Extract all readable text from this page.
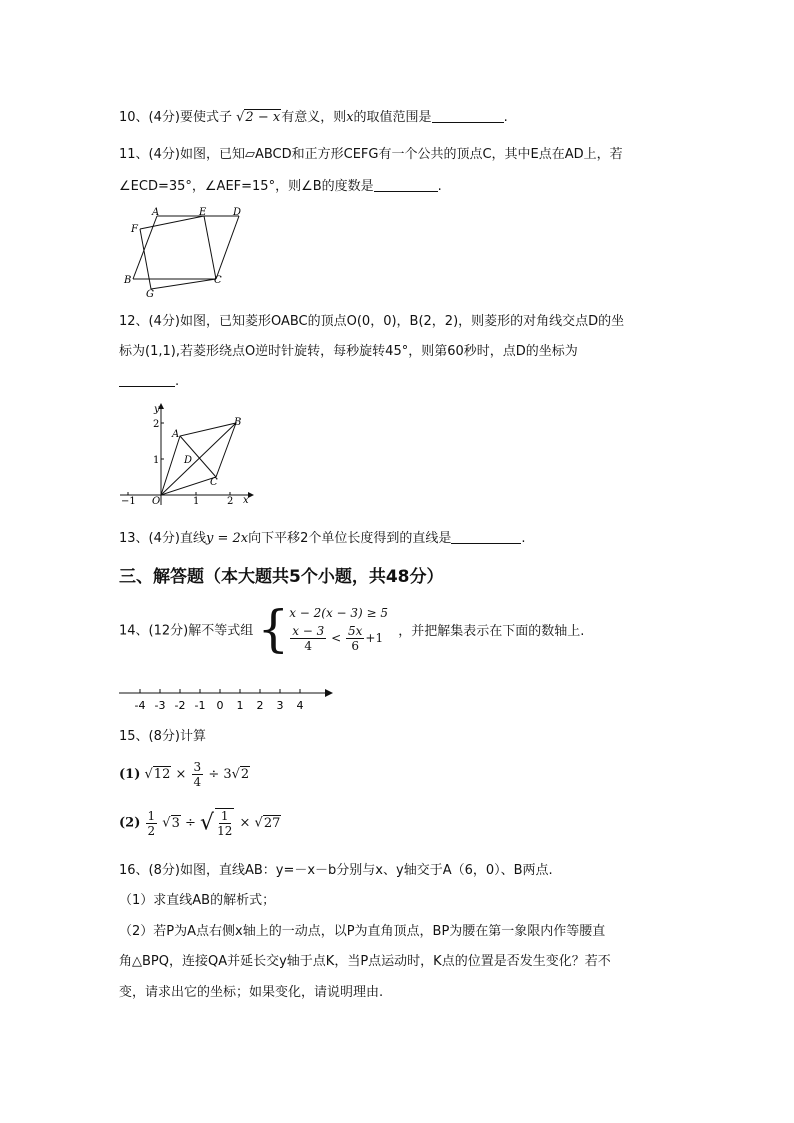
10、(4分)要使式子 √2 − x有意义，则x的取值范围是	.
11、(4分)如图，已知▱ABCD和正方形CEFG有一个公共的顶点C，其中E点在AD上，若
∠ECD=35°，∠AEF=15°，则∠B的度数是	.
A	E	D
F
B	C
G
12、(4分)如图，已知菱形OABC的顶点O(0，0)，B(2，2)，则菱形的对角线交点D的坐
标为(1,1),若菱形绕点O逆时针旋转，每秒旋转45°，则第60秒时，点D的坐标为
.
y
x
O
A
B
C
D
2
1
−1	1	2
13、(4分)直线y = 2x向下平移2个单位长度得到的直线是	.
三、解答题（本大题共5个小题，共48分）
14、(12分)解不等式组 { x − 2(x − 3) ≥ 5
$\frac{x - 3}{4} < \frac{5x}{6} +1$	，并把解集表示在下面的数轴上.
-4 -3 -2 -1 0 1 2 3 4
15、(8分)计算
(1) $√12 \times \frac{3}{4} \div 3√2$
$(2) \frac{1}{2} √3$ ÷ √ $\frac{1}{12} \times √27$
16、(8分)如图，直线AB：y=－x－b分别与x、y轴交于A（6，0）、B两点.
（1）求直线AB的解析式；
（2）若P为A点右侧x轴上的一动点，以P为直角顶点，BP为腰在第一象限内作等腰直
角△BPQ，连接QA并延长交y轴于点K，当P点运动时，K点的位置是否发生变化？若不
变，请求出它的坐标；如果变化，请说明理由.
